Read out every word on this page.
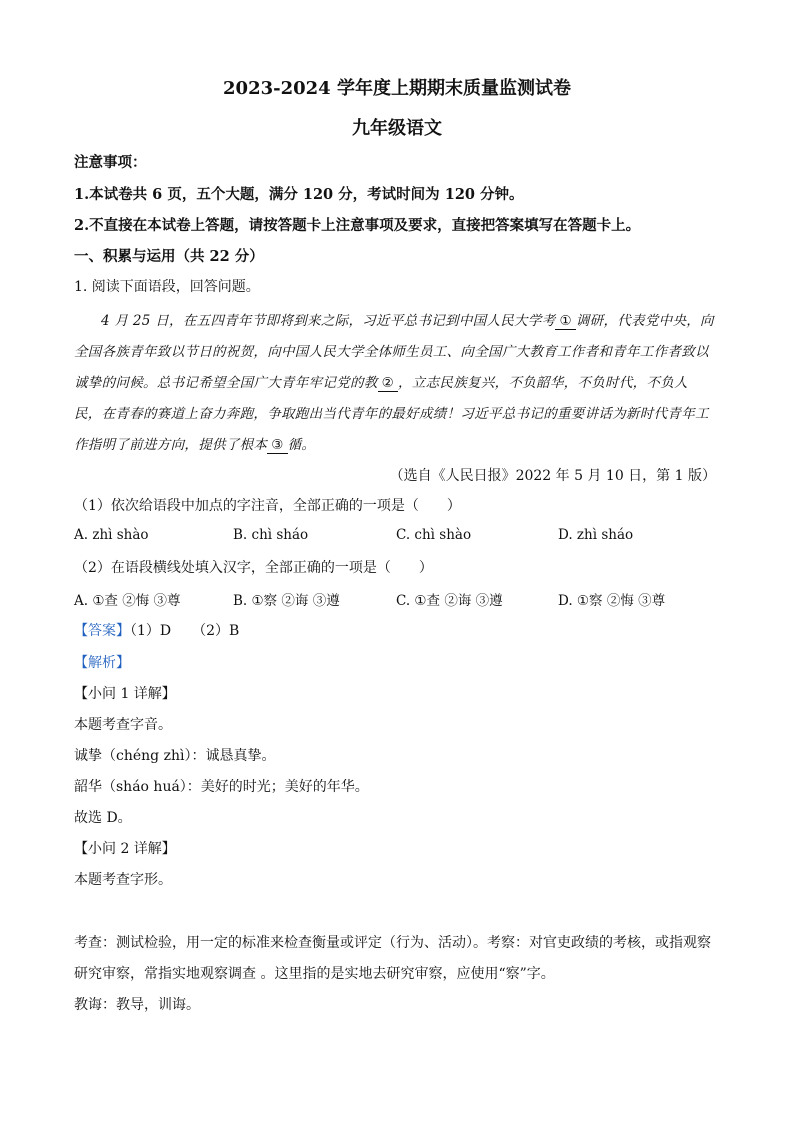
2023-2024 学年度上期期末质量监测试卷
九年级语文
注意事项：
1.本试卷共 6 页，五个大题，满分 120 分，考试时间为 120 分钟。
2.不直接在本试卷上答题，请按答题卡上注意事项及要求，直接把答案填写在答题卡上。
一、积累与运用（共 22 分）
1. 阅读下面语段，回答问题。
4 月 25 日，在五四青年节即将到来之际，习近平总书记到中国人民大学考 ① 调研，代表党中央，向
全国各族青年致以节日的祝贺，向中国人民大学全体师生员工、向全国广大教育工作者和青年工作者致以
诚挚的问候。总书记希望全国广大青年牢记党的教 ② ，立志民族复兴，不负韶华，不负时代，不负人
民，在青春的赛道上奋力奔跑，争取跑出当代青年的最好成绩！习近平总书记的重要讲话为新时代青年工
作指明了前进方向，提供了根本 ③ 循。
（选自《人民日报》2022 年 5 月 10 日，第 1 版）
（1）依次给语段中加点的字注音，全部正确的一项是（　　）
A. zhì shào	B. chì sháo	C. chì shào	D. zhì sháo
（2）在语段横线处填入汉字，全部正确的一项是（　　）
A. ①查 ②悔 ③尊	B. ①察 ②诲 ③遵	C. ①查 ②诲 ③遵	D. ①察 ②悔 ③尊
【答案】（1）D　　（2）B
【解析】
【小问 1 详解】
本题考查字音。
诚挚（chéng zhì）：诚恳真挚。
韶华（sháo huá）：美好的时光；美好的年华。
故选 D。
【小问 2 详解】
本题考查字形。
考查：测试检验，用一定的标准来检查衡量或评定（行为、活动）。考察：对官吏政绩的考核，或指观察
研究审察，常指实地观察调查 。这里指的是实地去研究审察，应使用“察”字。
教诲：教导，训诲。
